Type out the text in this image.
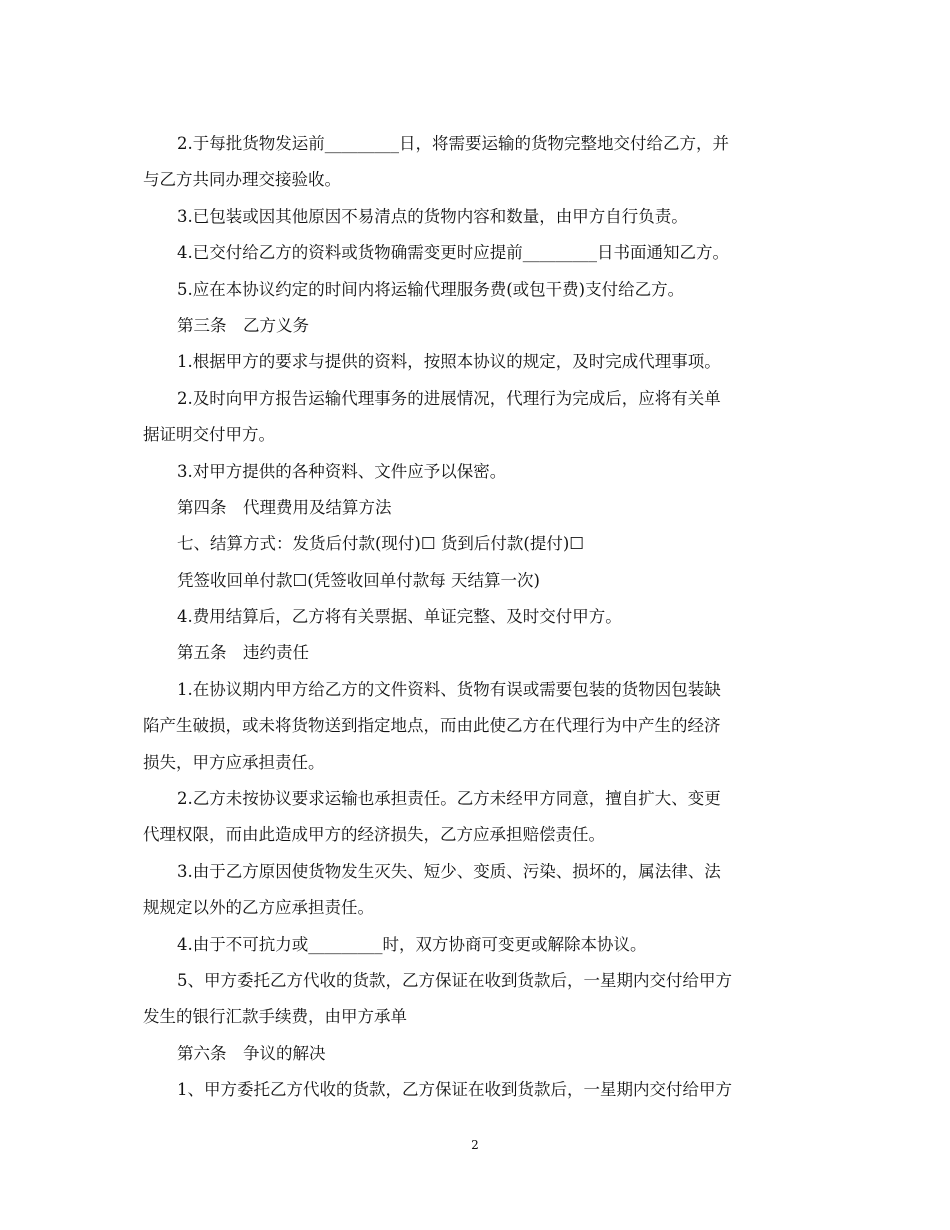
2.于每批货物发运前_________日，将需要运输的货物完整地交付给乙方，并
与乙方共同办理交接验收。
3.已包装或因其他原因不易清点的货物内容和数量，由甲方自行负责。
4.已交付给乙方的资料或货物确需变更时应提前_________日书面通知乙方。
5.应在本协议约定的时间内将运输代理服务费(或包干费)支付给乙方。
第三条　乙方义务
1.根据甲方的要求与提供的资料，按照本协议的规定，及时完成代理事项。
2.及时向甲方报告运输代理事务的进展情况，代理行为完成后，应将有关单
据证明交付甲方。
3.对甲方提供的各种资料、文件应予以保密。
第四条　代理费用及结算方法
七、结算方式：发货后付款(现付)☐ 货到后付款(提付)☐
凭签收回单付款☐(凭签收回单付款每 天结算一次)
4.费用结算后，乙方将有关票据、单证完整、及时交付甲方。
第五条　违约责任
1.在协议期内甲方给乙方的文件资料、货物有误或需要包装的货物因包装缺
陷产生破损，或未将货物送到指定地点，而由此使乙方在代理行为中产生的经济
损失，甲方应承担责任。
2.乙方未按协议要求运输也承担责任。乙方未经甲方同意，擅自扩大、变更
代理权限，而由此造成甲方的经济损失，乙方应承担赔偿责任。
3.由于乙方原因使货物发生灭失、短少、变质、污染、损坏的，属法律、法
规规定以外的乙方应承担责任。
4.由于不可抗力或_________时，双方协商可变更或解除本协议。
5、甲方委托乙方代收的货款，乙方保证在收到货款后，一星期内交付给甲方
发生的银行汇款手续费，由甲方承单
第六条　争议的解决
1、甲方委托乙方代收的货款，乙方保证在收到货款后，一星期内交付给甲方
2
